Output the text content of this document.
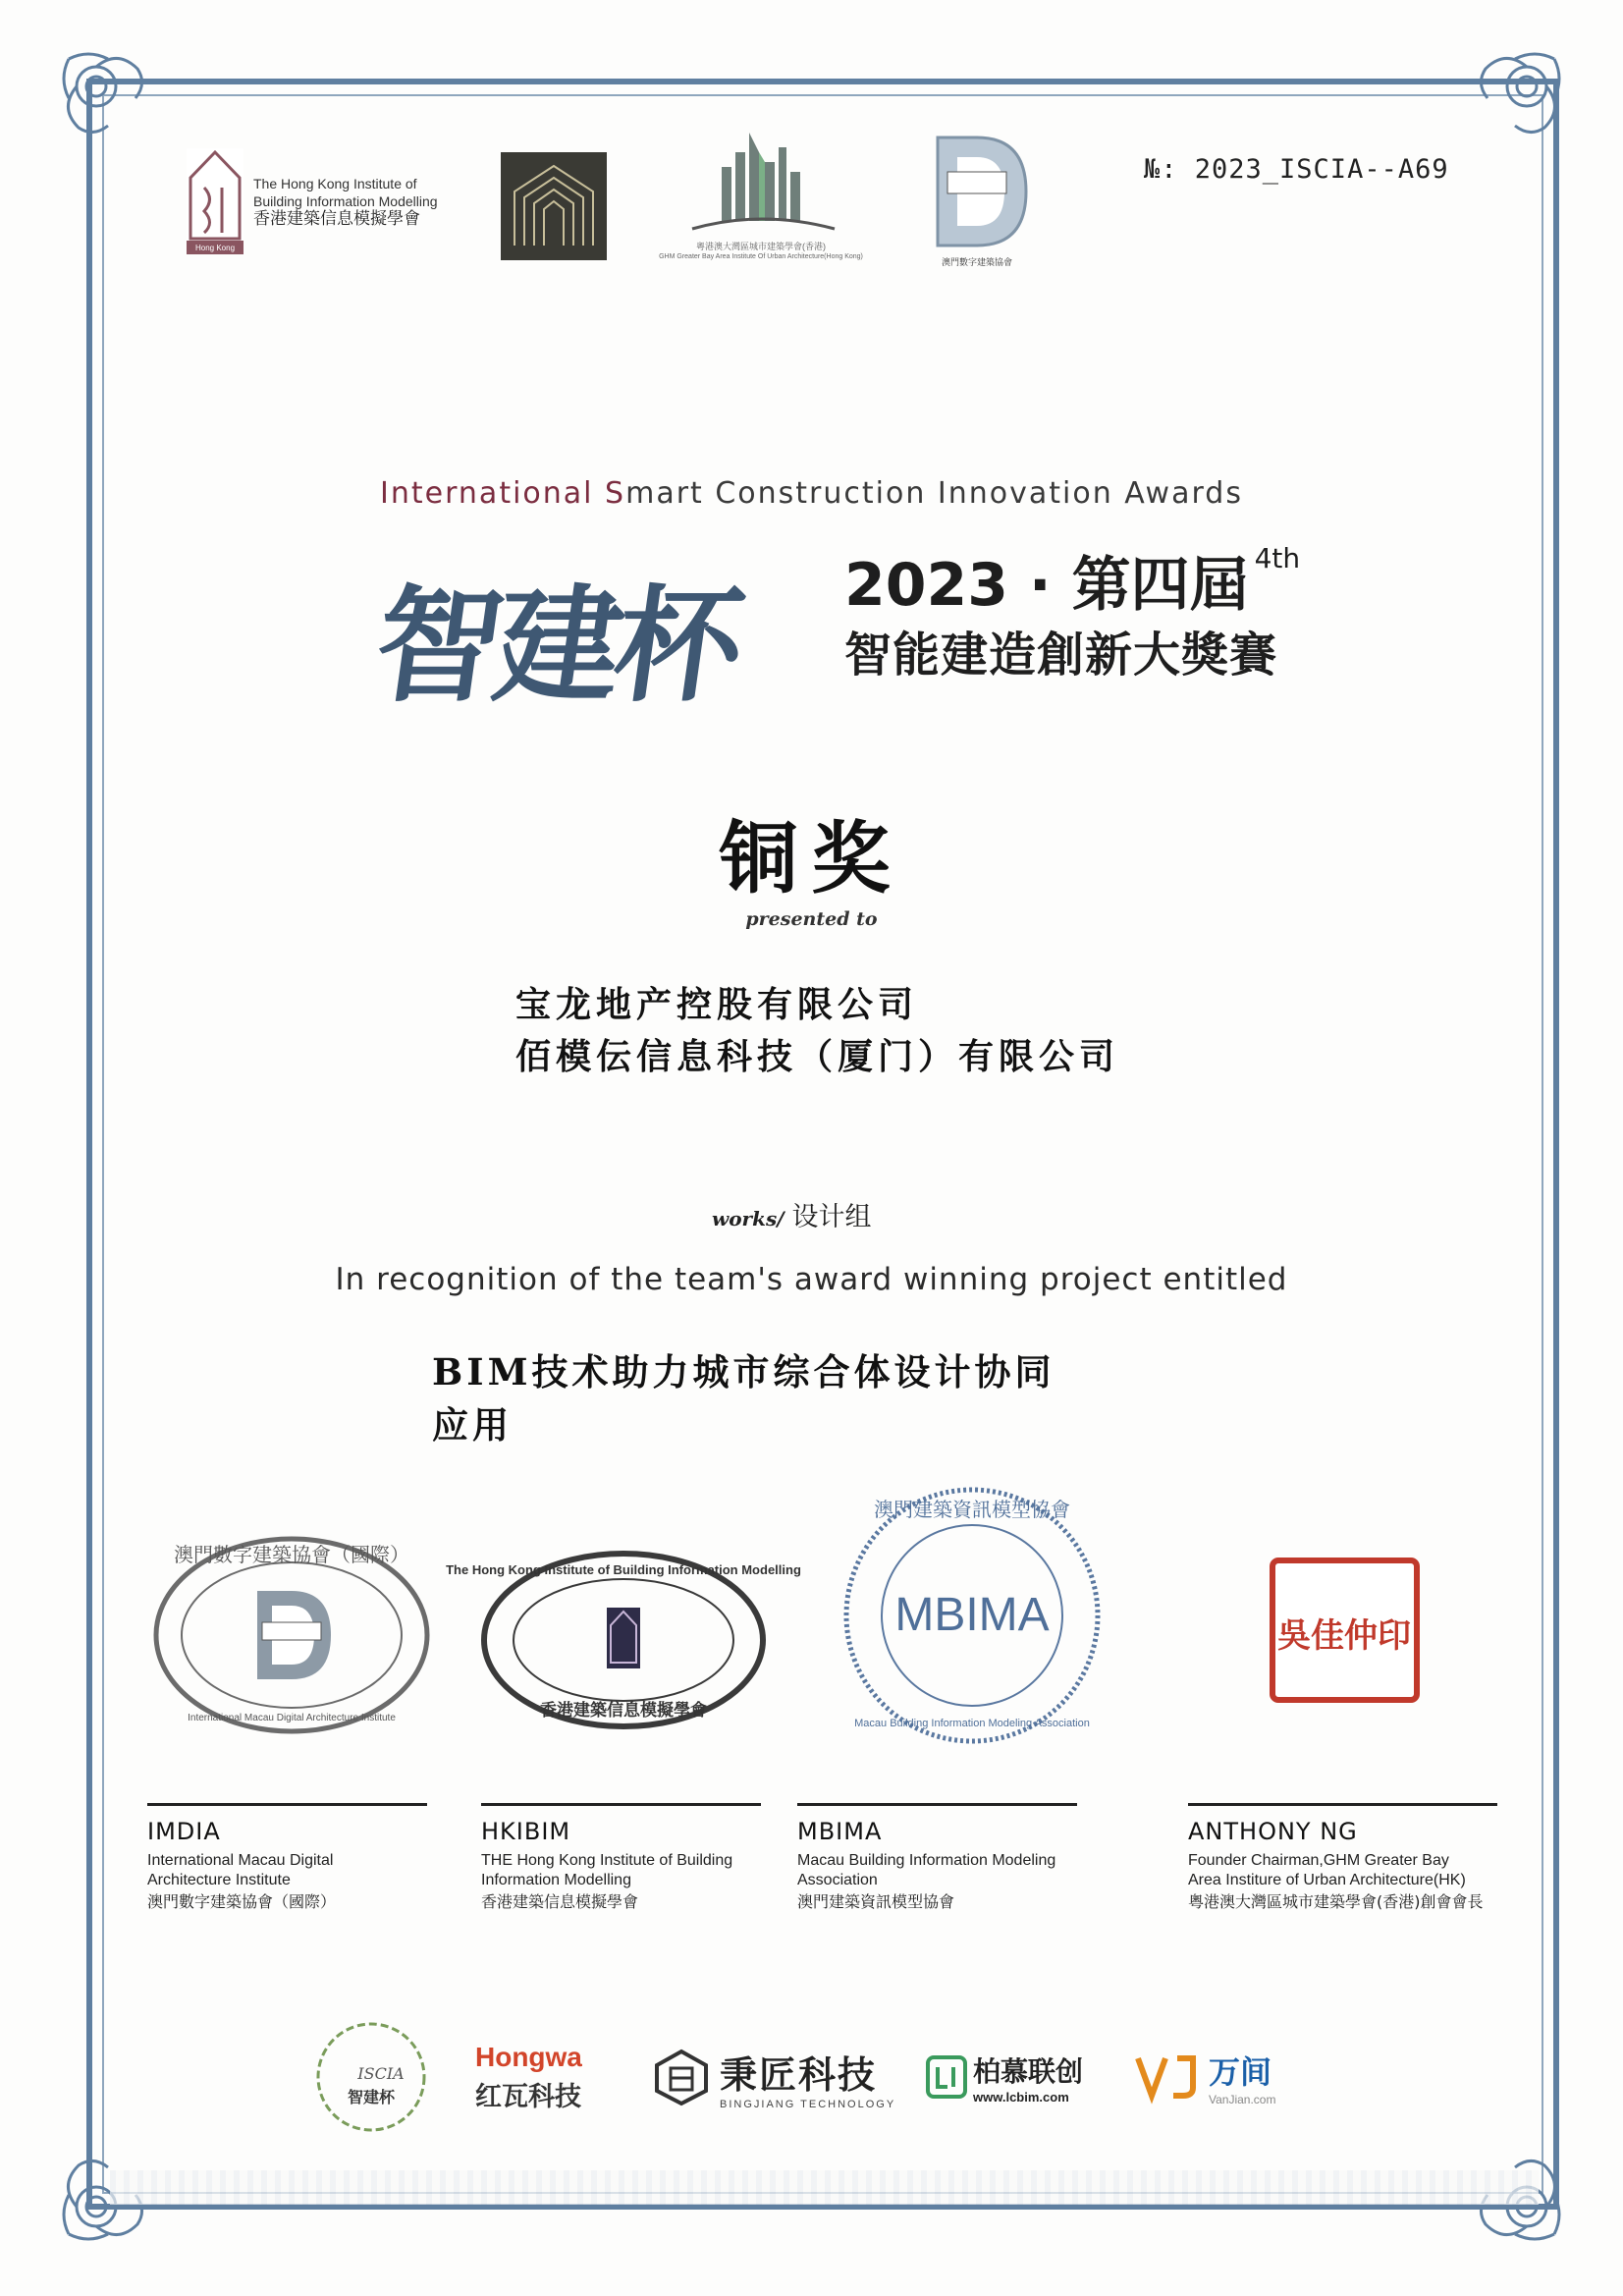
Hong Kong
The Hong Kong Institute of
Building Information Modelling
香港建築信息模擬學會
粵港澳大灣區城市建築學會(香港)
GHM Greater Bay Area Institute Of Urban Architecture(Hong Kong)
澳門數字建築協會
№: 2023_ISCIA--A69
International Smart Construction Innovation Awards
智建杯 2023 · 第四屆 $^{4th}$
智能建造創新大獎賽
铜奖
presented to
宝龙地产控股有限公司
佰模伝信息科技（厦门）有限公司
works/ 设计组
In recognition of the team's award winning project entitled
BIM技术助力城市综合体设计协同
应用
澳門數字建築協會（國際）
International Macau Digital Architecture Institute
The Hong Kong Institute of Building Information Modelling
香港建築信息模擬學會
澳門建築資訊模型協會
Macau Building Information Modeling Association
MBIMA	吳佳仲印
IMDIA
International Macau Digital
Architecture Institute
澳門數字建築協會（國際）
HKIBIM
THE Hong Kong Institute of Building
Information Modelling
香港建築信息模擬學會
MBIMA
Macau Building Information Modeling Association
澳門建築資訊模型協會
ANTHONY NG
Founder Chairman,GHM Greater Bay
Area Institure of Urban Architecture(HK)
粵港澳大灣區城市建築學會(香港)創會會長
ISCIA
智建杯
Hongwa
红瓦科技
秉匠科技
BINGJIANG TECHNOLOGY
柏慕联创
www.lcbim.com
万间
VanJian.com
